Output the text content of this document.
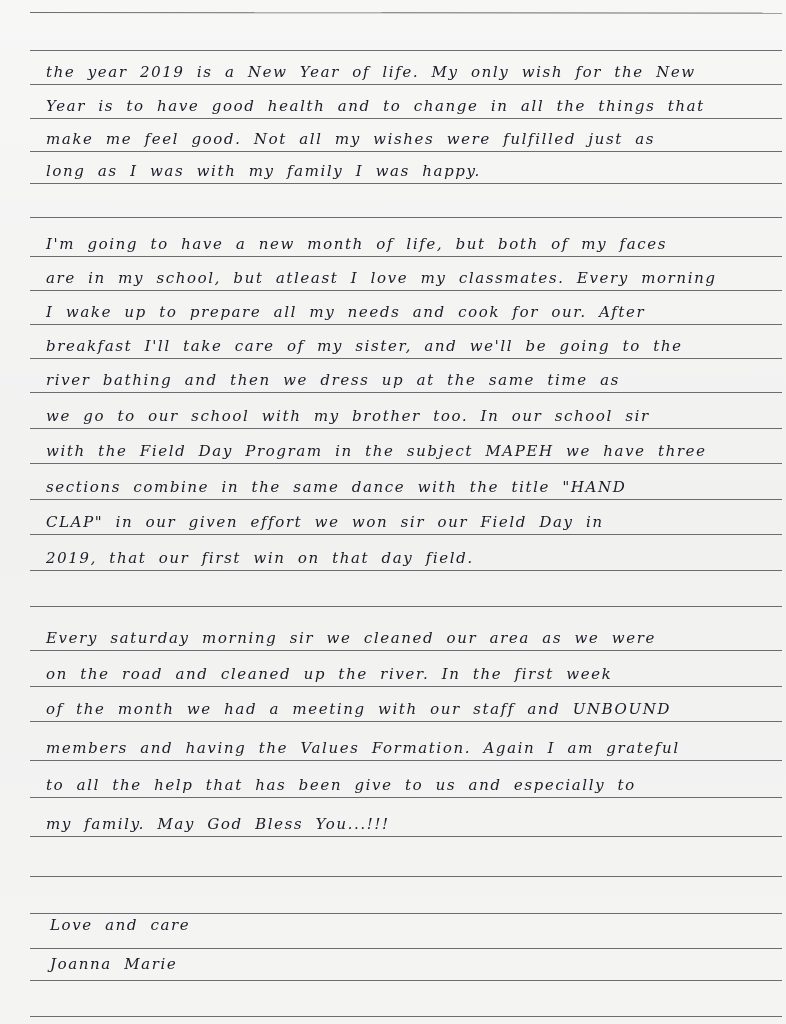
the year 2019 is a New Year of life. My only wish for the New
Year is to have good health and to change in all the things that
make me feel good. Not all my wishes were fulfilled just as
long as I was with my family I was happy.
I'm going to have a new month of life, but both of my faces
are in my school, but atleast I love my classmates. Every morning
I wake up to prepare all my needs and cook for our. After
breakfast I'll take care of my sister, and we'll be going to the
river bathing and then we dress up at the same time as
we go to our school with my brother too. In our school sir
with the Field Day Program in the subject MAPEH we have three
sections combine in the same dance with the title "HAND
CLAP" in our given effort we won sir our Field Day in
2019, that our first win on that day field.
Every saturday morning sir we cleaned our area as we were
on the road and cleaned up the river. In the first week
of the month we had a meeting with our staff and UNBOUND
members and having the Values Formation. Again I am grateful
to all the help that has been give to us and especially to
my family. May God Bless You...!!!
Love and care
Joanna Marie
